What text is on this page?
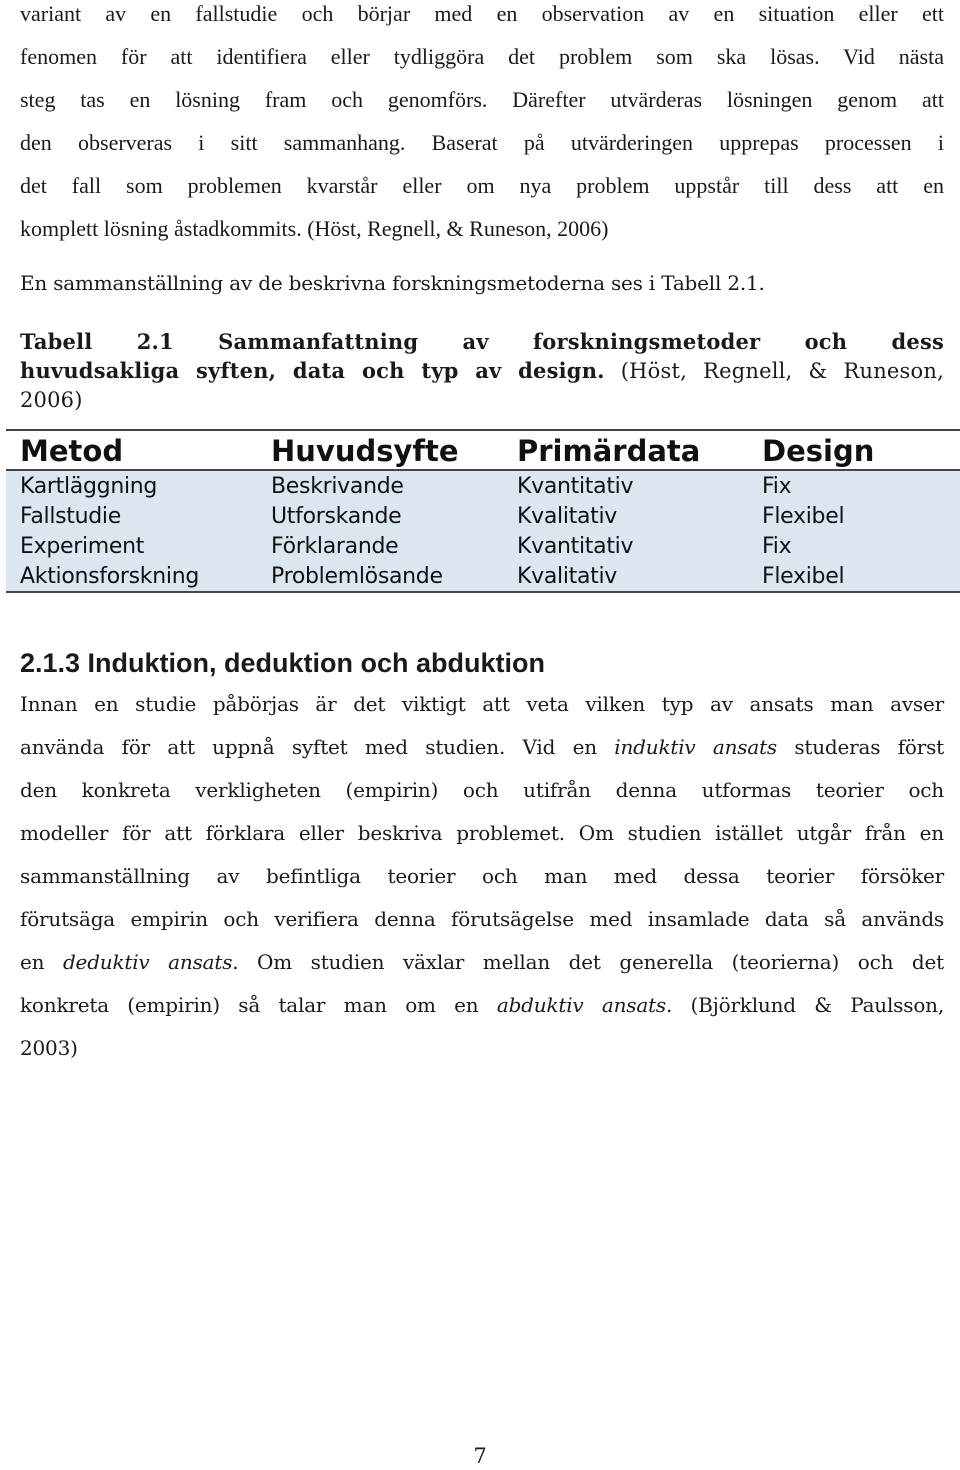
variant av en fallstudie och börjar med en observation av en situation eller ett
fenomen för att identifiera eller tydliggöra det problem som ska lösas. Vid nästa
steg tas en lösning fram och genomförs. Därefter utvärderas lösningen genom att
den observeras i sitt sammanhang. Baserat på utvärderingen upprepas processen i
det fall som problemen kvarstår eller om nya problem uppstår till dess att en
komplett lösning åstadkommits. (Höst, Regnell, & Runeson, 2006)

En sammanställning av de beskrivna forskningsmetoderna ses i Tabell 2.1.

Tabell 2.1 Sammanfattning av forskningsmetoder och dess
huvudsakliga syften, data och typ av design. (Höst, Regnell, & Runeson,
2006)
2.1.3 Induktion, deduktion och abduktion

Innan en studie påbörjas är det viktigt att veta vilken typ av ansats man avser
använda för att uppnå syftet med studien. Vid en induktiv ansats studeras först
den konkreta verkligheten (empirin) och utifrån denna utformas teorier och
modeller för att förklara eller beskriva problemet. Om studien istället utgår från en
sammanställning av befintliga teorier och man med dessa teorier försöker
förutsäga empirin och verifiera denna förutsägelse med insamlade data så används
en deduktiv ansats. Om studien växlar mellan det generella (teorierna) och det
konkreta (empirin) så talar man om en abduktiv ansats. (Björklund & Paulsson,
2003)

Metod	Huvudsyfte	Primärdata	Design
Kartläggning	Beskrivande	Kvantitativ	Fix
Fallstudie	Utforskande	Kvalitativ	Flexibel
Experiment	Förklarande	Kvantitativ	Fix
Aktionsforskning	Problemlösande	Kvalitativ	Flexibel
7
